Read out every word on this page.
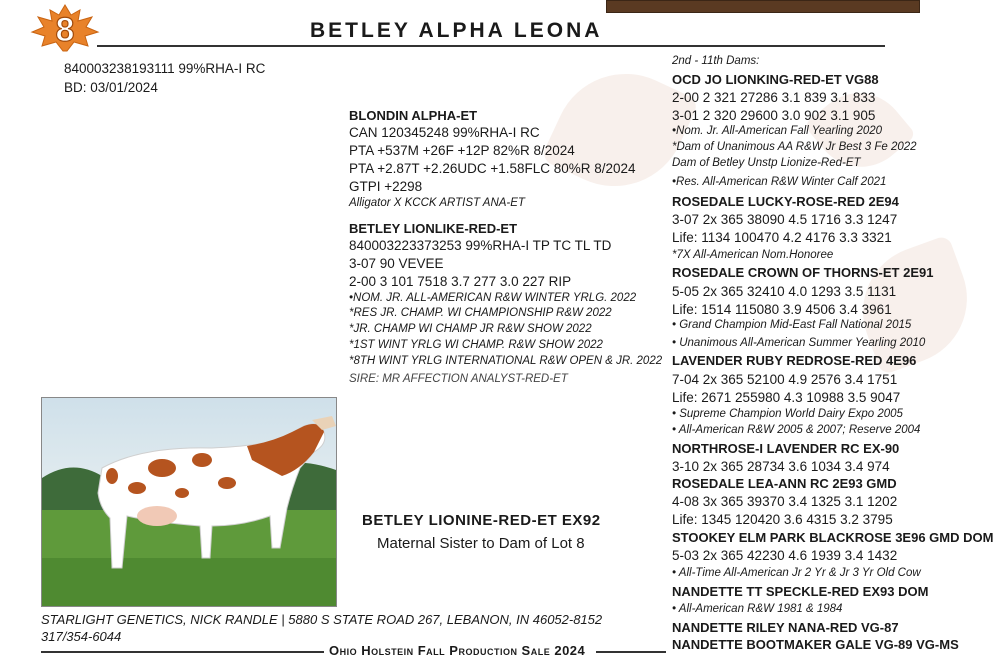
8	BETLEY ALPHA LEONA
840003238193111 99%RHA-I RC
BD: 03/01/2024
BLONDIN ALPHA-ET
CAN 120345248 99%RHA-I RC
PTA +537M +26F +12P 82%R 8/2024
PTA +2.87T +2.26UDC +1.58FLC 80%R 8/2024
GTPI +2298
Alligator X KCCK ARTIST ANA-ET
BETLEY LIONLIKE-RED-ET
840003223373253 99%RHA-I TP TC TL TD
3-07 90 VEVEE
2-00 3 101 7518 3.7 277 3.0 227 RIP
•NOM. JR. ALL-AMERICAN R&W WINTER YRLG. 2022
*RES JR. CHAMP. WI CHAMPIONSHIP R&W 2022
*JR. CHAMP WI CHAMP JR R&W SHOW 2022
*1ST WINT YRLG WI CHAMP. R&W SHOW 2022
*8TH WINT YRLG INTERNATIONAL R&W OPEN & JR. 2022
SIRE: MR AFFECTION ANALYST-RED-ET
2nd - 11th Dams:
OCD JO LIONKING-RED-ET VG88
2-00 2 321 27286 3.1 839 3.1 833
3-01 2 320 29600 3.0 902 3.1 905
•Nom. Jr. All-American Fall Yearling 2020
*Dam of Unanimous AA R&W Jr Best 3 Fe 2022
Dam of Betley Unstp Lionize-Red-ET
•Res. All-American R&W Winter Calf 2021
ROSEDALE LUCKY-ROSE-RED 2E94
3-07 2x 365 38090 4.5 1716 3.3 1247
Life: 1134 100470 4.2 4176 3.3 3321
*7X All-American Nom.Honoree
ROSEDALE CROWN OF THORNS-ET 2E91
5-05 2x 365 32410 4.0 1293 3.5 1131
Life: 1514 115080 3.9 4506 3.4 3961
• Grand Champion Mid-East Fall National 2015
• Unanimous All-American Summer Yearling 2010
LAVENDER RUBY REDROSE-RED 4E96
7-04 2x 365 52100 4.9 2576 3.4 1751
Life: 2671 255980 4.3 10988 3.5 9047
• Supreme Champion World Dairy Expo 2005
• All-American R&W 2005 & 2007; Reserve 2004
NORTHROSE-I LAVENDER RC EX-90
3-10 2x 365 28734 3.6 1034 3.4 974
ROSEDALE LEA-ANN RC 2E93 GMD
4-08 3x 365 39370 3.4 1325 3.1 1202
Life: 1345 120420 3.6 4315 3.2 3795
STOOKEY ELM PARK BLACKROSE 3E96 GMD DOM
5-03 2x 365 42230 4.6 1939 3.4 1432
• All-Time All-American Jr 2 Yr & Jr 3 Yr Old Cow
NANDETTE TT SPECKLE-RED EX93 DOM
• All-American R&W 1981 & 1984
NANDETTE RILEY NANA-RED VG-87
NANDETTE BOOTMAKER GALE VG-89 VG-MS
BETLEY LIONINE-RED-ET EX92
Maternal Sister to Dam of Lot 8
STARLIGHT GENETICS, NICK RANDLE | 5880 S STATE ROAD 267, LEBANON, IN 46052-8152
317/354-6044
Ohio Holstein Fall Production Sale 2024
